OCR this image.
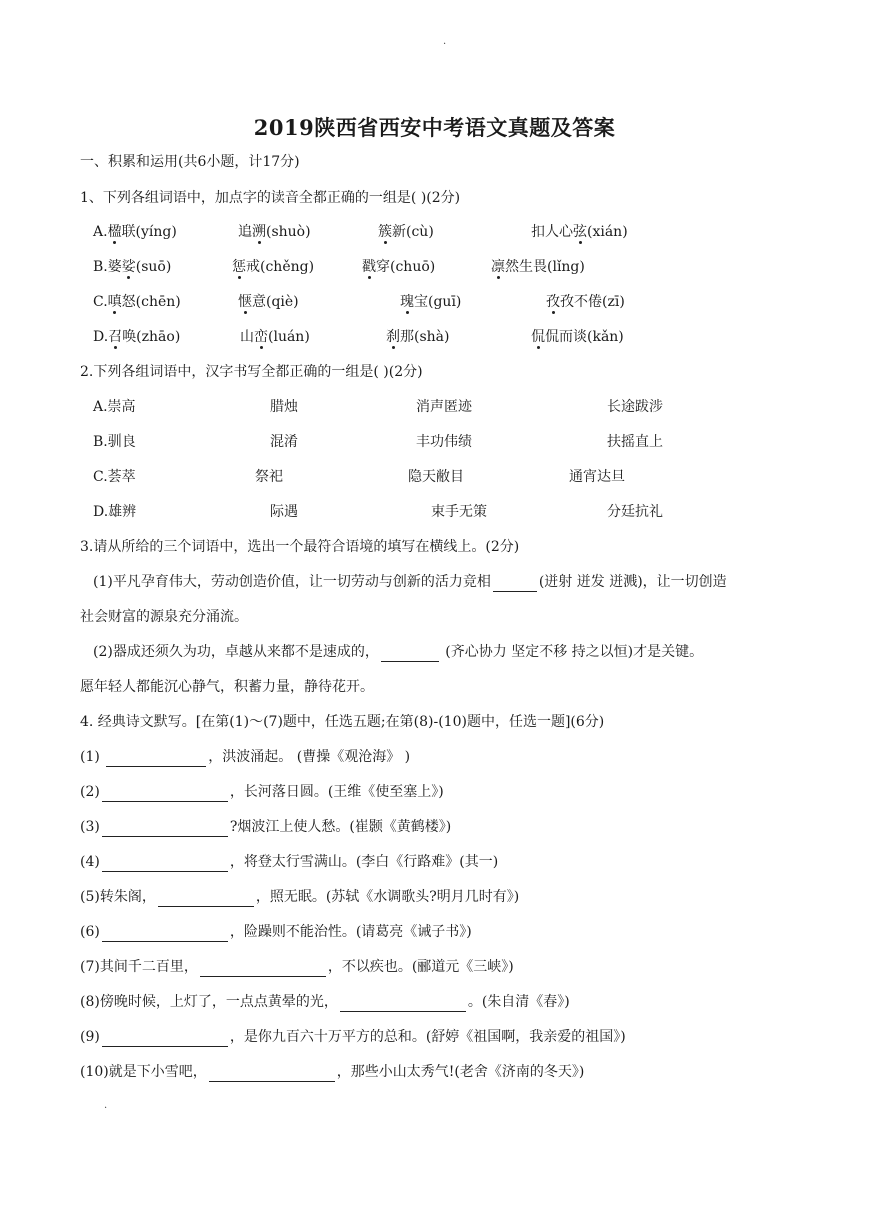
.
2019陕西省西安中考语文真题及答案
一、积累和运用(共6小题，计17分)
1、下列各组词语中，加点字的读音全都正确的一组是( )(2分)
A.楹联(yíng)	追溯(shuò)	簇新(cù)	扣人心弦(xián)
B.婆娑(suō)	惩戒(chěng)	戳穿(chuō)	凛然生畏(lǐng)
C.嗔怒(chēn)	惬意(qiè)	瑰宝(guī)	孜孜不倦(zī)
D.召唤(zhāo)	山峦(luán)	刹那(shà)	侃侃而谈(kǎn)
2.下列各组词语中，汉字书写全都正确的一组是( )(2分)
A.崇高	腊烛	消声匿迹	长途跋涉
B.驯良	混淆	丰功伟绩	扶摇直上
C.荟萃	祭祀	隐天敝目	通宵达旦
D.雄辨	际遇	束手无策	分廷抗礼
3.请从所给的三个词语中，选出一个最符合语境的填写在横线上。(2分)
(1)平凡孕育伟大，劳动创造价值，让一切劳动与创新的活力竞相	(迸射 迸发 迸溅)，让一切创造
社会财富的源泉充分涌流。
(2)器成还须久为功，卓越从来都不是速成的，	(齐心协力 坚定不移 持之以恒)才是关键。
愿年轻人都能沉心静气，积蓄力量，静待花开。
4. 经典诗文默写。[在第(1)～(7)题中，任选五题;在第(8)-(10)题中，任选一题](6分)
(1)	，洪波涌起。 (曹操《观沧海》 )
(2)	，长河落日圆。(王维《使至塞上》)
(3)	?烟波江上使人愁。(崔颢《黄鹤楼》)
(4)	，将登太行雪满山。(李白《行路难》(其一)
(5)转朱阁，	，照无眠。(苏轼《水调歌头?明月几时有》)
(6)	，险躁则不能治性。(请葛亮《诫子书》)
(7)其间千二百里，	，不以疾也。(郦道元《三峡》)
(8)傍晚时候，上灯了，一点点黄晕的光，	。(朱自清《春》)
(9)	，是你九百六十万平方的总和。(舒婷《祖国啊，我亲爱的祖国》)
(10)就是下小雪吧，	，那些小山太秀气!(老舍《济南的冬天》)
.
